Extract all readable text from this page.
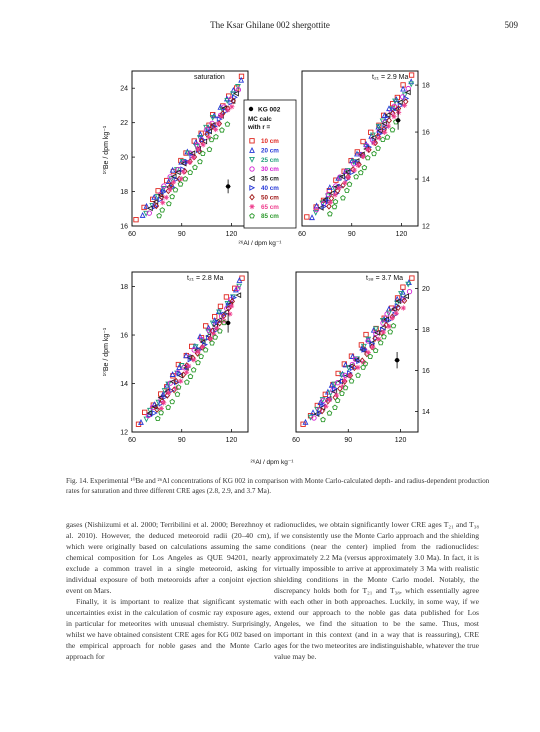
The Ksar Ghilane 002 shergottite	509
60	90	120
16
18
20
22
24
saturation
60	90	120
12
14
16
18
t₂₁ = 2.9 Ma
60	90	120
12
14
16
18
t₂₁ = 2.8 Ma
60	90	120
14
16
18
20
t₃₈ = 3.7 Ma
²⁶Al / dpm kg⁻¹
²⁶Al / dpm kg⁻¹
¹⁰Be / dpm kg⁻¹
¹⁰Be / dpm kg⁻¹
KG 002
MC calc
with r =
10 cm
20 cm
25 cm
30 cm
35 cm
40 cm
50 cm
65 cm
85 cm
Fig. 14. Experimental ¹⁰Be and ²⁶Al concentrations of KG 002 in comparison with Monte Carlo-calculated depth- and radius-dependent production rates for saturation and three different CRE ages (2.8, 2.9, and 3.7 Ma).

gases (Nishiizumi et al. 2000; Terribilini et al. 2000; Berezhnoy et al. 2010). However, the deduced meteoroid radii (20–40 cm), which were originally based on calculations assuming the same chemical composition for Los Angeles as QUE 94201, nearly exclude a common travel in a single meteoroid, asking for individual exposure of both meteoroids after a conjoint ejection event on Mars.

Finally, it is important to realize that significant systematic uncertainties exist in the calculation of cosmic ray exposure ages, in particular for meteorites with unusual chemistry. Surprisingly, whilst we have obtained consistent CRE ages for KG 002 based on the empirical approach for noble gases and the Monte Carlo approach for

radionuclides, we obtain significantly lower CRE ages T₂₁ and T₃₈ if we consistently use the Monte Carlo approach and the shielding conditions (near the center) implied from the radionuclides: approximately 2.2 Ma (versus approximately 3.0 Ma). In fact, it is virtually impossible to arrive at approximately 3 Ma with realistic shielding conditions in the Monte Carlo model. Notably, the discrepancy holds both for T₂₁ and T₃₈, which essentially agree with each other in both approaches. Luckily, in some way, if we extend our approach to the noble gas data published for Los Angeles, we find the situation to be the same. Thus, most important in this context (and in a way that is reassuring), CRE ages for the two meteorites are indistinguishable, whatever the true value may be.
